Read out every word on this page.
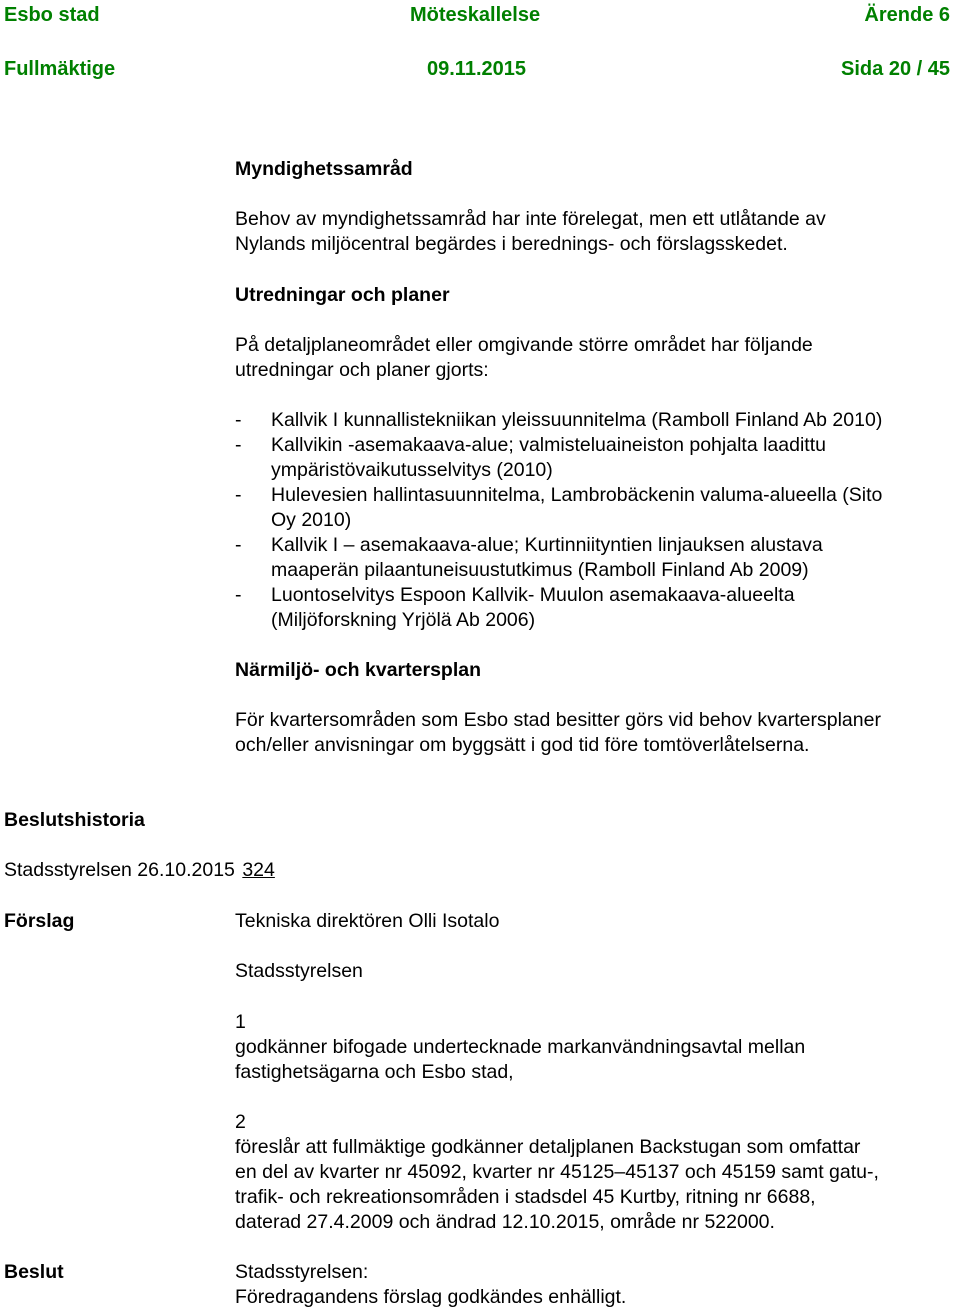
Esbo stad	Möteskallelse	Ärende 6
Fullmäktige	09.11.2015	Sida 20 / 45
Myndighetssamråd
Behov av myndighetssamråd har inte förelegat, men ett utlåtande av
Nylands miljöcentral begärdes i berednings- och förslagsskedet.
Utredningar och planer
På detaljplaneområdet eller omgivande större området har följande
utredningar och planer gjorts:
- Kallvik I kunnallistekniikan yleissuunnitelma (Ramboll Finland Ab 2010)
- Kallvikin -asemakaava-alue; valmisteluaineiston pohjalta laadittu
ympäristövaikutusselvitys (2010)
- Hulevesien hallintasuunnitelma, Lambrobäckenin valuma-alueella (Sito
Oy 2010)
- Kallvik I – asemakaava-alue; Kurtinniityntien linjauksen alustava
maaperän pilaantuneisuustutkimus (Ramboll Finland Ab 2009)
- Luontoselvitys Espoon Kallvik- Muulon asemakaava-alueelta
(Miljöforskning Yrjölä Ab 2006)
Närmiljö- och kvartersplan
För kvartersområden som Esbo stad besitter görs vid behov kvartersplaner
och/eller anvisningar om byggsätt i god tid före tomtöverlåtelserna.
Beslutshistoria
Stadsstyrelsen 26.10.2015 324
Förslag	Tekniska direktören Olli Isotalo
Stadsstyrelsen
1
godkänner bifogade undertecknade markanvändningsavtal mellan
fastighetsägarna och Esbo stad,
2
föreslår att fullmäktige godkänner detaljplanen Backstugan som omfattar
en del av kvarter nr 45092, kvarter nr 45125–45137 och 45159 samt gatu-,
trafik- och rekreationsområden i stadsdel 45 Kurtby, ritning nr 6688,
daterad 27.4.2009 och ändrad 12.10.2015, område nr 522000.
Beslut	Stadsstyrelsen:
Föredragandens förslag godkändes enhälligt.
